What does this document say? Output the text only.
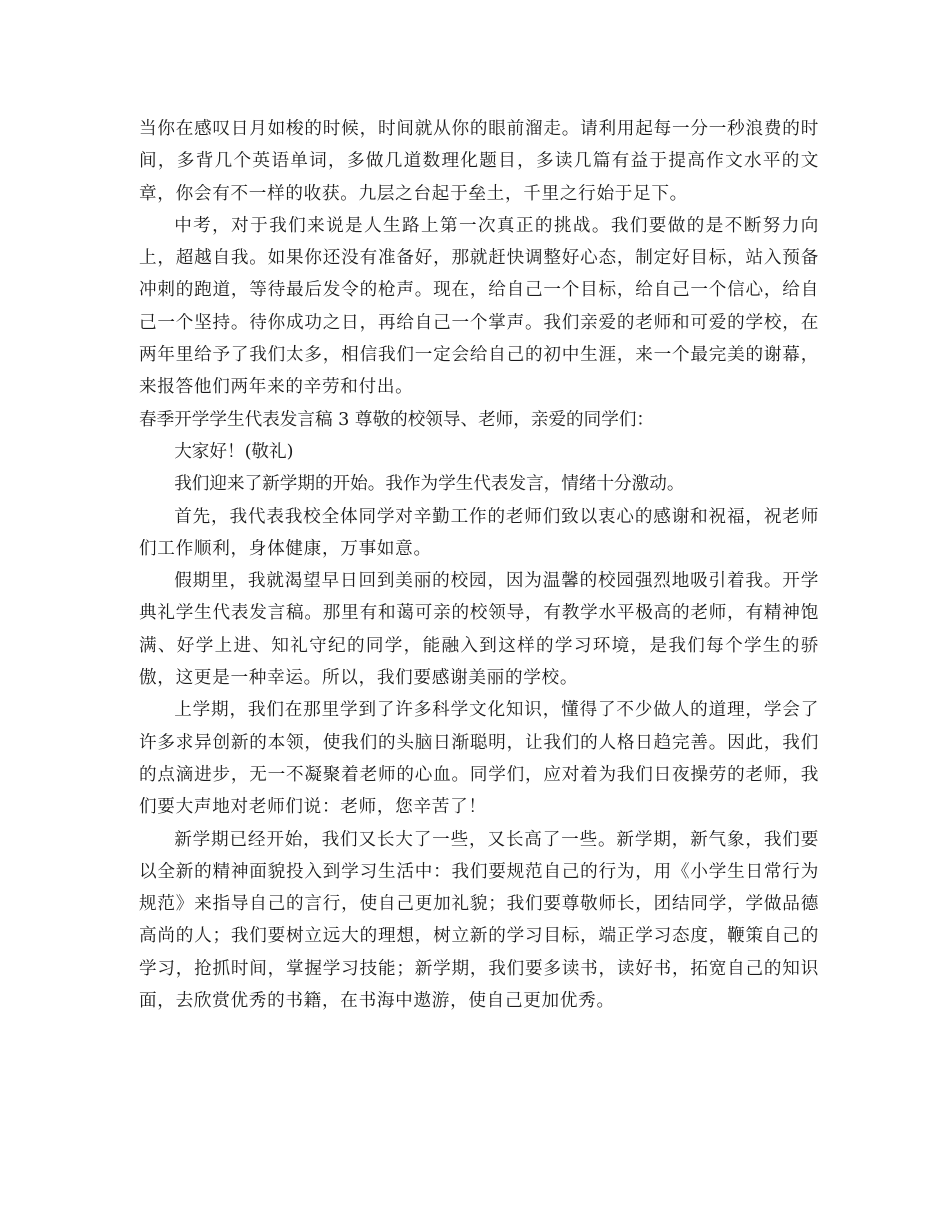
当你在感叹日月如梭的时候，时间就从你的眼前溜走。请利用起每一分一秒浪费的时间，多背几个英语单词，多做几道数理化题目，多读几篇有益于提高作文水平的文章，你会有不一样的收获。九层之台起于垒土，千里之行始于足下。

中考，对于我们来说是人生路上第一次真正的挑战。我们要做的是不断努力向上，超越自我。如果你还没有准备好，那就赶快调整好心态，制定好目标，站入预备冲刺的跑道，等待最后发令的枪声。现在，给自己一个目标，给自己一个信心，给自己一个坚持。待你成功之日，再给自己一个掌声。我们亲爱的老师和可爱的学校，在两年里给予了我们太多，相信我们一定会给自己的初中生涯，来一个最完美的谢幕，来报答他们两年来的辛劳和付出。

春季开学学生代表发言稿 3 尊敬的校领导、老师，亲爱的同学们：

大家好！(敬礼)

我们迎来了新学期的开始。我作为学生代表发言，情绪十分激动。

首先，我代表我校全体同学对辛勤工作的老师们致以衷心的感谢和祝福，祝老师们工作顺利，身体健康，万事如意。

假期里，我就渴望早日回到美丽的校园，因为温馨的校园强烈地吸引着我。开学典礼学生代表发言稿。那里有和蔼可亲的校领导，有教学水平极高的老师，有精神饱满、好学上进、知礼守纪的同学，能融入到这样的学习环境，是我们每个学生的骄傲，这更是一种幸运。所以，我们要感谢美丽的学校。

上学期，我们在那里学到了许多科学文化知识，懂得了不少做人的道理，学会了许多求异创新的本领，使我们的头脑日渐聪明，让我们的人格日趋完善。因此，我们的点滴进步，无一不凝聚着老师的心血。同学们，应对着为我们日夜操劳的老师，我们要大声地对老师们说：老师，您辛苦了！

新学期已经开始，我们又长大了一些，又长高了一些。新学期，新气象，我们要以全新的精神面貌投入到学习生活中：我们要规范自己的行为，用《小学生日常行为规范》来指导自己的言行，使自己更加礼貌；我们要尊敬师长，团结同学，学做品德高尚的人；我们要树立远大的理想，树立新的学习目标，端正学习态度，鞭策自己的学习，抢抓时间，掌握学习技能；新学期，我们要多读书，读好书，拓宽自己的知识面，去欣赏优秀的书籍，在书海中遨游，使自己更加优秀。
